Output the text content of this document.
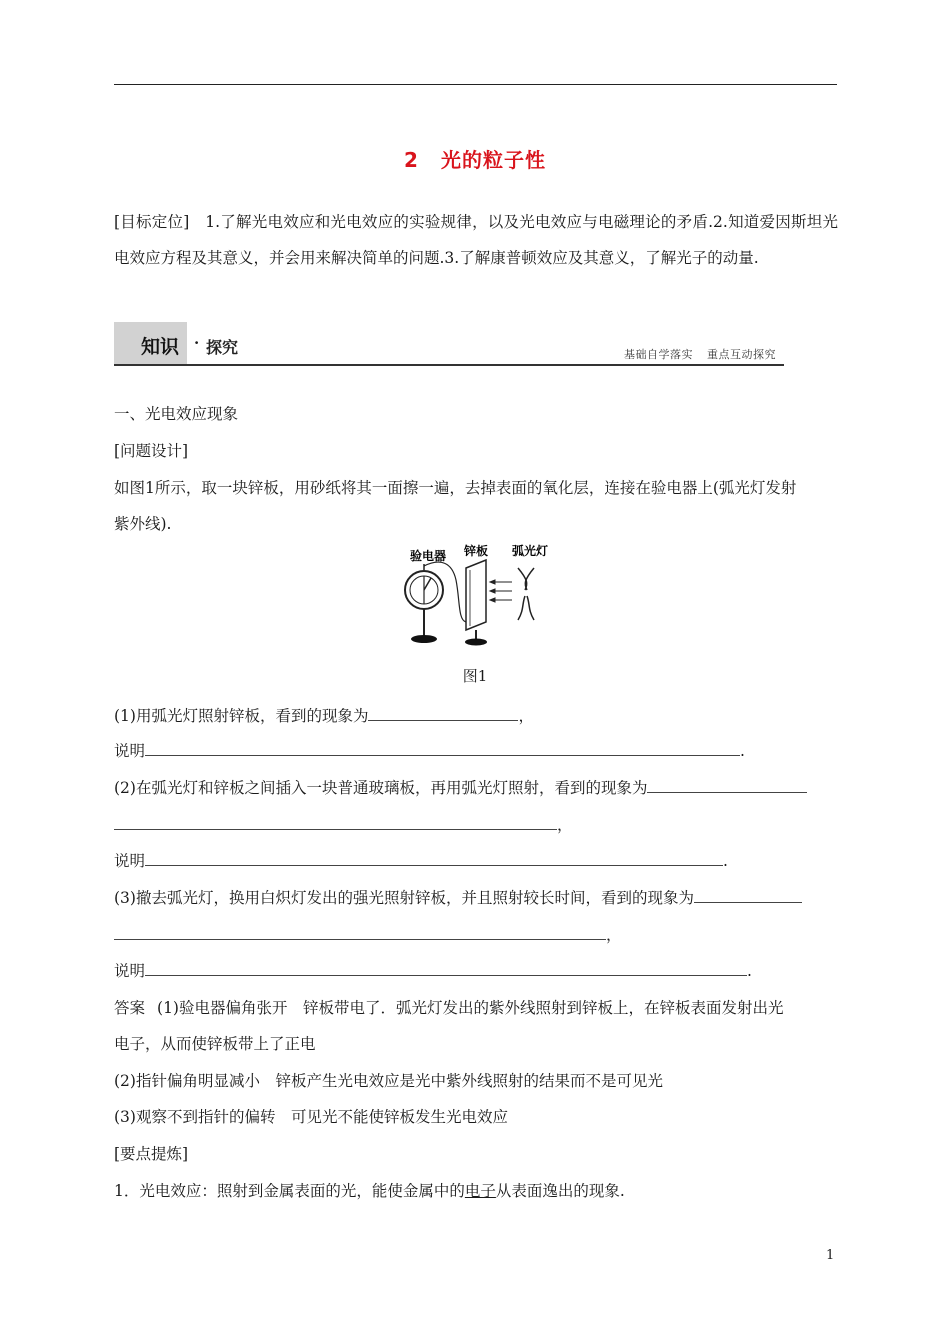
2 光的粒子性
[目标定位]　1.了解光电效应和光电效应的实验规律，以及光电效应与电磁理论的矛盾.2.知道爱因斯坦光电效应方程及其意义，并会用来解决简单的问题.3.了解康普顿效应及其意义，了解光子的动量.
知识 · 探究	基础自学落实 重点互动探究
一、光电效应现象
[问题设计]
如图1所示，取一块锌板，用砂纸将其一面擦一遍，去掉表面的氧化层，连接在验电器上(弧光灯发射
紫外线).
验电器 锌板 弧光灯
图1
(1)用弧光灯照射锌板，看到的现象为	，
说明	.
(2)在弧光灯和锌板之间插入一块普通玻璃板，再用弧光灯照射，看到的现象为
，
说明	.
(3)撤去弧光灯，换用白炽灯发出的强光照射锌板，并且照射较长时间，看到的现象为
，
说明	.
答案 (1)验电器偏角张开　锌板带电了．弧光灯发出的紫外线照射到锌板上，在锌板表面发射出光
电子，从而使锌板带上了正电
(2)指针偏角明显减小　锌板产生光电效应是光中紫外线照射的结果而不是可见光
(3)观察不到指针的偏转　可见光不能使锌板发生光电效应
[要点提炼]
1．光电效应：照射到金属表面的光，能使金属中的电子从表面逸出的现象.
1
